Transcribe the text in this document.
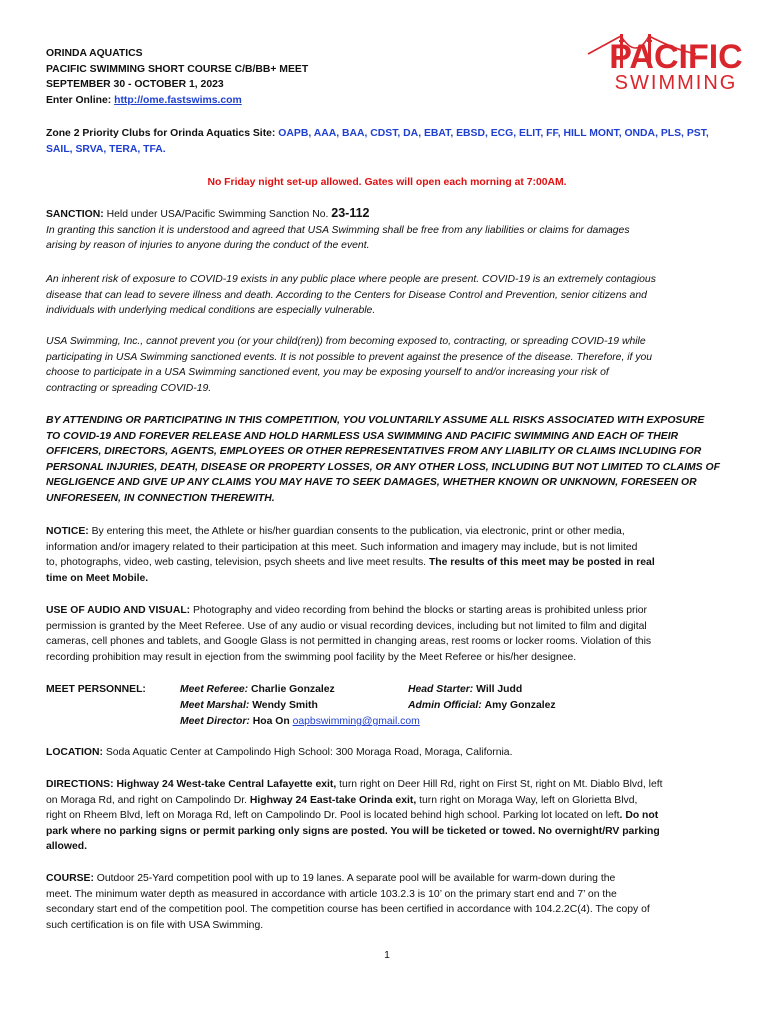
ORINDA AQUATICS

PACIFIC SWIMMING SHORT COURSE C/B/BB+ MEET

SEPTEMBER 30 - OCTOBER 1, 2023

Enter Online: http://ome.fastswims.com

PACIFIC
SWIMMING

Zone 2 Priority Clubs for Orinda Aquatics Site: OAPB, AAA, BAA, CDST, DA, EBAT, EBSD, ECG, ELIT, FF, HILL MONT, ONDA, PLS, PST,

SAIL, SRVA, TERA, TFA.

No Friday night set-up allowed. Gates will open each morning at 7:00AM.

SANCTION: Held under USA/Pacific Swimming Sanction No. 23-112

In granting this sanction it is understood and agreed that USA Swimming shall be free from any liabilities or claims for damages

arising by reason of injuries to anyone during the conduct of the event.

An inherent risk of exposure to COVID-19 exists in any public place where people are present. COVID-19 is an extremely contagious

disease that can lead to severe illness and death. According to the Centers for Disease Control and Prevention, senior citizens and

individuals with underlying medical conditions are especially vulnerable.

USA Swimming, Inc., cannot prevent you (or your child(ren)) from becoming exposed to, contracting, or spreading COVID-19 while

participating in USA Swimming sanctioned events. It is not possible to prevent against the presence of the disease. Therefore, if you

choose to participate in a USA Swimming sanctioned event, you may be exposing yourself to and/or increasing your risk of

contracting or spreading COVID-19.

BY ATTENDING OR PARTICIPATING IN THIS COMPETITION, YOU VOLUNTARILY ASSUME ALL RISKS ASSOCIATED WITH EXPOSURE

TO COVID-19 AND FOREVER RELEASE AND HOLD HARMLESS USA SWIMMING AND PACIFIC SWIMMING AND EACH OF THEIR

OFFICERS, DIRECTORS, AGENTS, EMPLOYEES OR OTHER REPRESENTATIVES FROM ANY LIABILITY OR CLAIMS INCLUDING FOR

PERSONAL INJURIES, DEATH, DISEASE OR PROPERTY LOSSES, OR ANY OTHER LOSS, INCLUDING BUT NOT LIMITED TO CLAIMS OF

NEGLIGENCE AND GIVE UP ANY CLAIMS YOU MAY HAVE TO SEEK DAMAGES, WHETHER KNOWN OR UNKNOWN, FORESEEN OR

UNFORESEEN, IN CONNECTION THEREWITH.

NOTICE: By entering this meet, the Athlete or his/her guardian consents to the publication, via electronic, print or other media,

information and/or imagery related to their participation at this meet. Such information and imagery may include, but is not limited

to, photographs, video, web casting, television, psych sheets and live meet results. The results of this meet may be posted in real

time on Meet Mobile.

USE OF AUDIO AND VISUAL: Photography and video recording from behind the blocks or starting areas is prohibited unless prior

permission is granted by the Meet Referee. Use of any audio or visual recording devices, including but not limited to film and digital

cameras, cell phones and tablets, and Google Glass is not permitted in changing areas, rest rooms or locker rooms. Violation of this

recording prohibition may result in ejection from the swimming pool facility by the Meet Referee or his/her designee.

MEET PERSONNEL:	Meet Referee: Charlie Gonzalez	Head Starter: Will Judd

Meet Marshal: Wendy Smith	Admin Official: Amy Gonzalez

Meet Director: Hoa On oapbswimming@gmail.com

LOCATION: Soda Aquatic Center at Campolindo High School: 300 Moraga Road, Moraga, California.

DIRECTIONS: Highway 24 West-take Central Lafayette exit, turn right on Deer Hill Rd, right on First St, right on Mt. Diablo Blvd, left

on Moraga Rd, and right on Campolindo Dr. Highway 24 East-take Orinda exit, turn right on Moraga Way, left on Glorietta Blvd,

right on Rheem Blvd, left on Moraga Rd, left on Campolindo Dr. Pool is located behind high school. Parking lot located on left. Do not

park where no parking signs or permit parking only signs are posted. You will be ticketed or towed. No overnight/RV parking

allowed.

COURSE: Outdoor 25-Yard competition pool with up to 19 lanes. A separate pool will be available for warm-down during the

meet. The minimum water depth as measured in accordance with article 103.2.3 is 10’ on the primary start end and 7’ on the

secondary start end of the competition pool. The competition course has been certified in accordance with 104.2.2C(4). The copy of

such certification is on file with USA Swimming.

1
